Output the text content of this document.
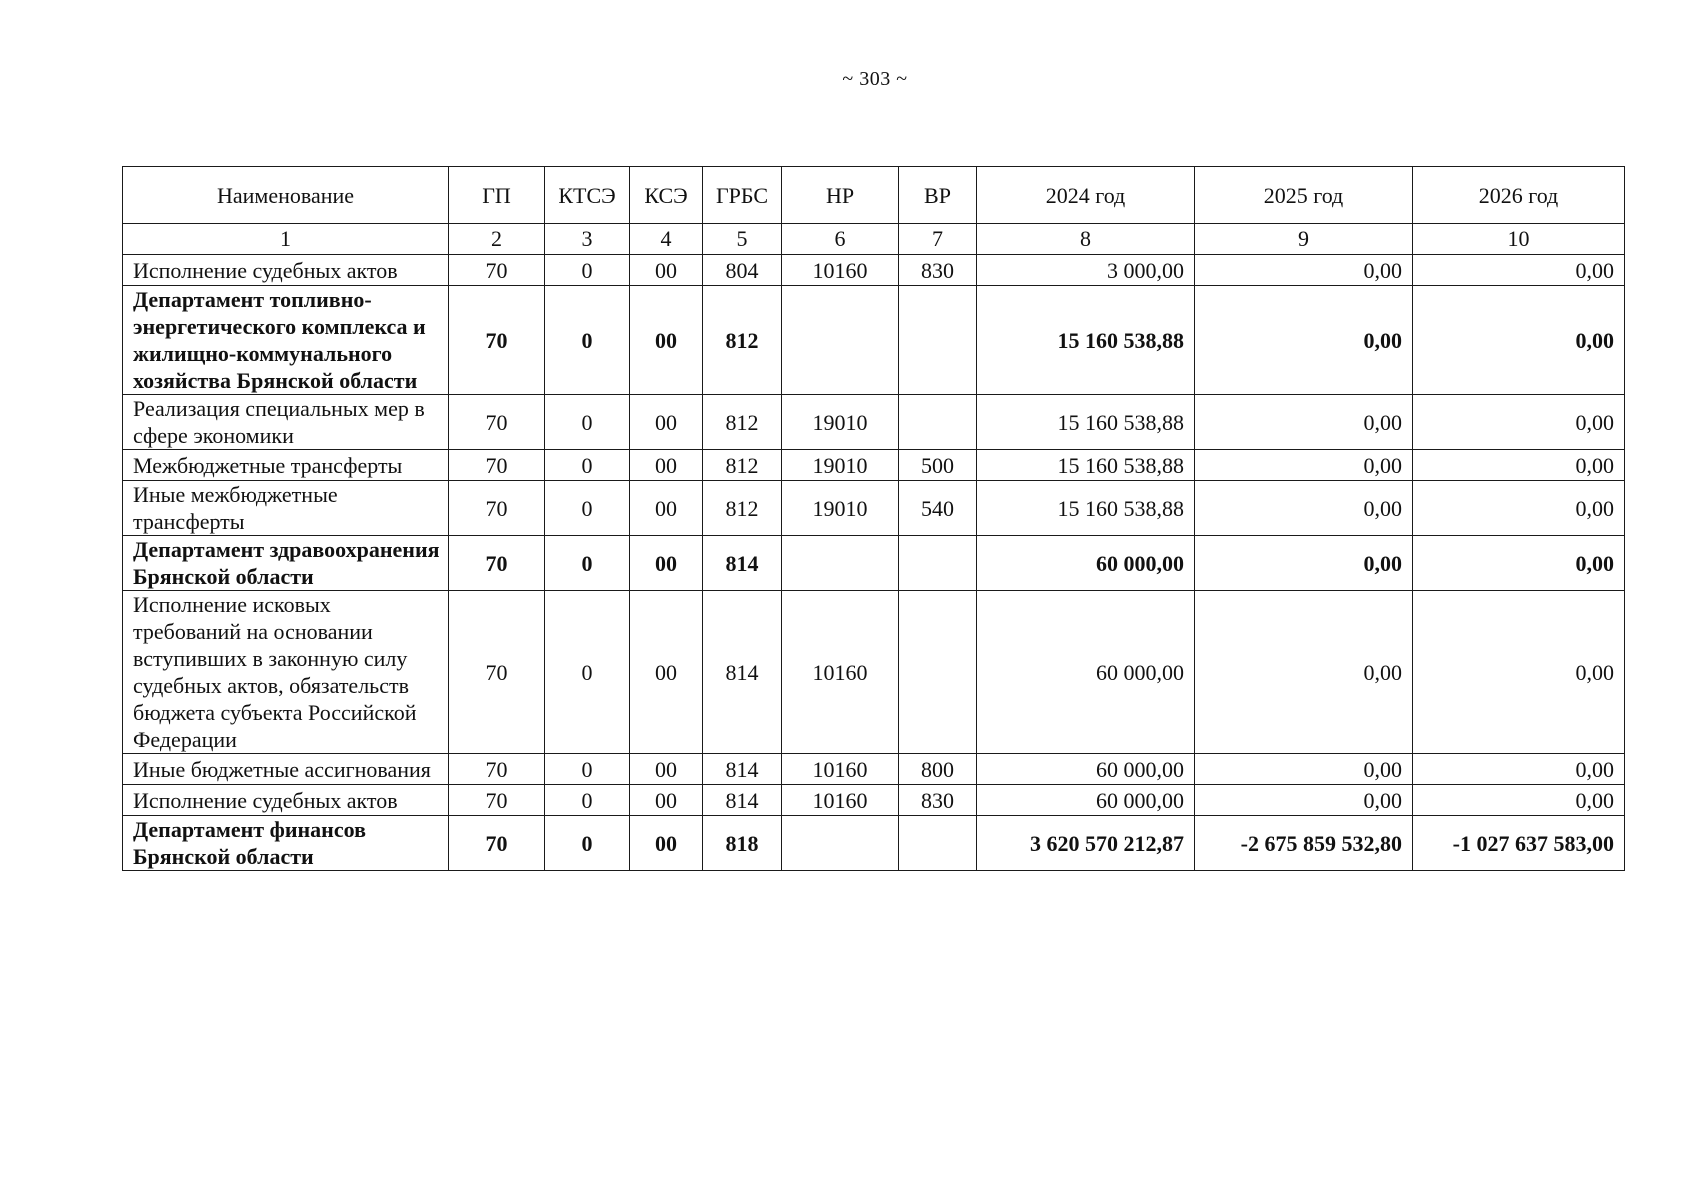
~ 303 ~
Наименование	ГП	КТСЭ	КСЭ	ГРБС	НР	ВР	2024 год	2025 год	2026 год
1	2	3	4	5	6	7	8	9	10
Исполнение судебных актов	70	0	00	804	10160	830	3 000,00	0,00	0,00
Департамент топливно-энергетического комплекса и жилищно-коммунального хозяйства Брянской области	70	0	00	812			15 160 538,88	0,00	0,00
Реализация специальных мер в сфере экономики	70	0	00	812	19010		15 160 538,88	0,00	0,00
Межбюджетные трансферты	70	0	00	812	19010	500	15 160 538,88	0,00	0,00
Иные межбюджетные трансферты	70	0	00	812	19010	540	15 160 538,88	0,00	0,00
Департамент здравоохранения Брянской области	70	0	00	814			60 000,00	0,00	0,00
Исполнение исковых требований на основании вступивших в законную силу судебных актов, обязательств бюджета субъекта Российской Федерации	70	0	00	814	10160		60 000,00	0,00	0,00
Иные бюджетные ассигнования	70	0	00	814	10160	800	60 000,00	0,00	0,00
Исполнение судебных актов	70	0	00	814	10160	830	60 000,00	0,00	0,00
Департамент финансов Брянской области	70	0	00	818			3 620 570 212,87	-2 675 859 532,80	-1 027 637 583,00
